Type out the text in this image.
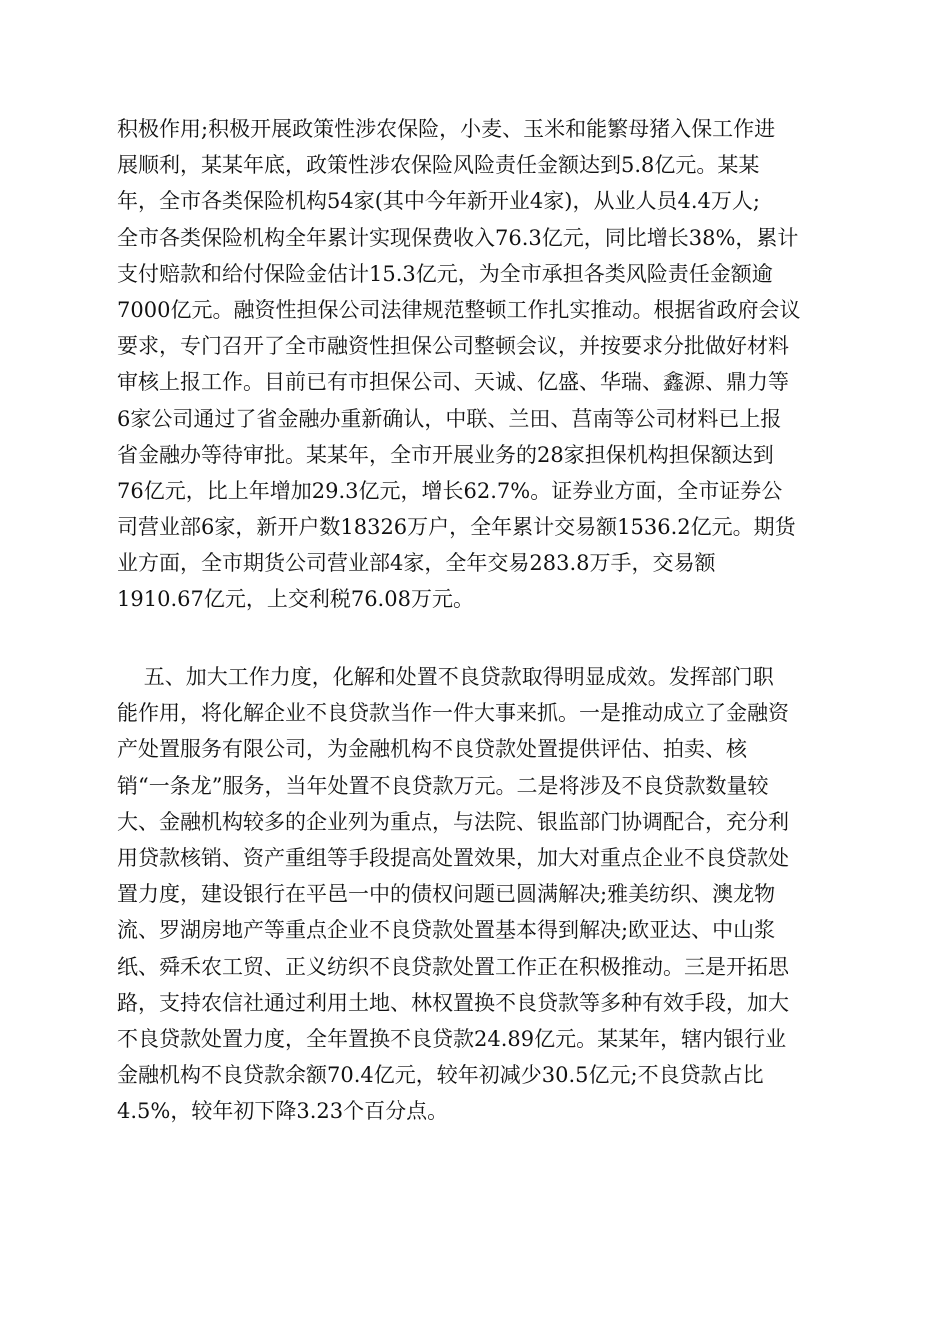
积极作用;积极开展政策性涉农保险，小麦、玉米和能繁母猪入保工作进
展顺利，某某年底，政策性涉农保险风险责任金额达到5.8亿元。某某
年，全市各类保险机构54家(其中今年新开业4家)，从业人员4.4万人;
全市各类保险机构全年累计实现保费收入76.3亿元，同比增长38%，累计
支付赔款和给付保险金估计15.3亿元，为全市承担各类风险责任金额逾
7000亿元。融资性担保公司法律规范整顿工作扎实推动。根据省政府会议
要求，专门召开了全市融资性担保公司整顿会议，并按要求分批做好材料
审核上报工作。目前已有市担保公司、天诚、亿盛、华瑞、鑫源、鼎力等
6家公司通过了省金融办重新确认，中联、兰田、莒南等公司材料已上报
省金融办等待审批。某某年，全市开展业务的28家担保机构担保额达到
76亿元，比上年增加29.3亿元，增长62.7%。证券业方面，全市证券公
司营业部6家，新开户数18326万户，全年累计交易额1536.2亿元。期货
业方面，全市期货公司营业部4家，全年交易283.8万手，交易额
1910.67亿元，上交利税76.08万元。
五、加大工作力度，化解和处置不良贷款取得明显成效。发挥部门职
能作用，将化解企业不良贷款当作一件大事来抓。一是推动成立了金融资
产处置服务有限公司，为金融机构不良贷款处置提供评估、拍卖、核
销“一条龙”服务，当年处置不良贷款万元。二是将涉及不良贷款数量较
大、金融机构较多的企业列为重点，与法院、银监部门协调配合，充分利
用贷款核销、资产重组等手段提高处置效果，加大对重点企业不良贷款处
置力度，建设银行在平邑一中的债权问题已圆满解决;雅美纺织、澳龙物
流、罗湖房地产等重点企业不良贷款处置基本得到解决;欧亚达、中山浆
纸、舜禾农工贸、正义纺织不良贷款处置工作正在积极推动。三是开拓思
路，支持农信社通过利用土地、林权置换不良贷款等多种有效手段，加大
不良贷款处置力度，全年置换不良贷款24.89亿元。某某年，辖内银行业
金融机构不良贷款余额70.4亿元，较年初减少30.5亿元;不良贷款占比
4.5%，较年初下降3.23个百分点。
